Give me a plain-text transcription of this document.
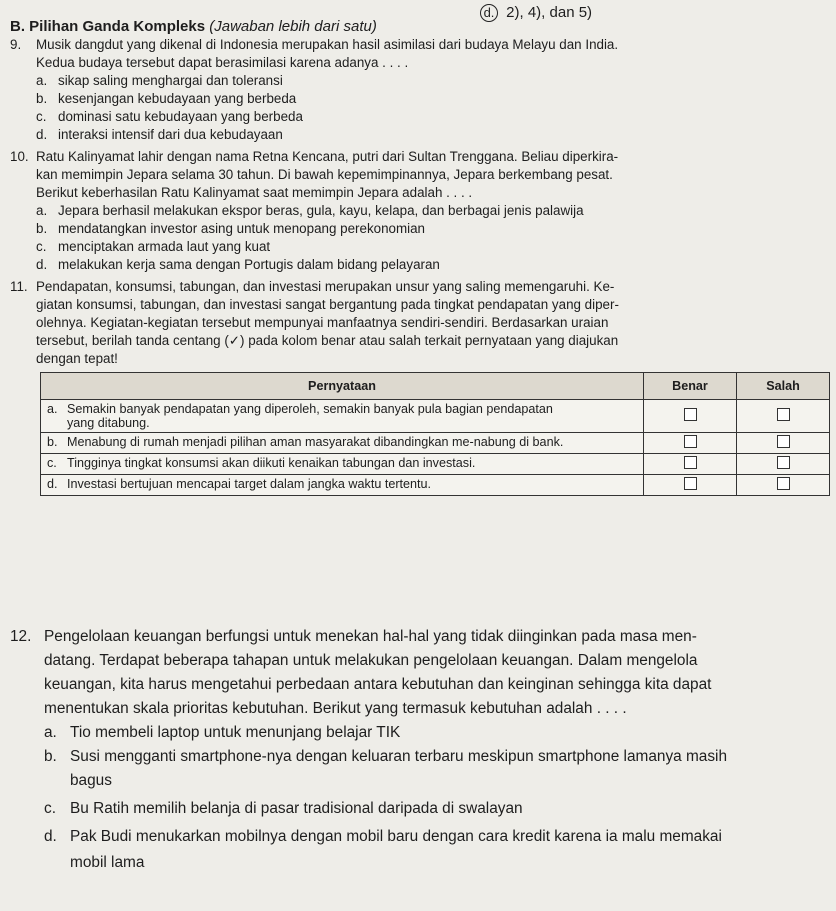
d. 2), 4), dan 5)
B. Pilihan Ganda Kompleks (Jawaban lebih dari satu)
9. Musik dangdut yang dikenal di Indonesia merupakan hasil asimilasi dari budaya Melayu dan India.
Kedua budaya tersebut dapat berasimilasi karena adanya . . . .
a. sikap saling menghargai dan toleransi
b. kesenjangan kebudayaan yang berbeda
c. dominasi satu kebudayaan yang berbeda
d. interaksi intensif dari dua kebudayaan
10. Ratu Kalinyamat lahir dengan nama Retna Kencana, putri dari Sultan Trenggana. Beliau diperkira-
kan memimpin Jepara selama 30 tahun. Di bawah kepemimpinannya, Jepara berkembang pesat.
Berikut keberhasilan Ratu Kalinyamat saat memimpin Jepara adalah . . . .
a. Jepara berhasil melakukan ekspor beras, gula, kayu, kelapa, dan berbagai jenis palawija
b. mendatangkan investor asing untuk menopang perekonomian
c. menciptakan armada laut yang kuat
d. melakukan kerja sama dengan Portugis dalam bidang pelayaran
11. Pendapatan, konsumsi, tabungan, dan investasi merupakan unsur yang saling memengaruhi. Ke-
giatan konsumsi, tabungan, dan investasi sangat bergantung pada tingkat pendapatan yang diper-
olehnya. Kegiatan-kegiatan tersebut mempunyai manfaatnya sendiri-sendiri. Berdasarkan uraian
tersebut, berilah tanda centang (✓) pada kolom benar atau salah terkait pernyataan yang diajukan
dengan tepat!
Pernyataan	Benar	Salah
a. Semakin banyak pendapatan yang diperoleh, semakin banyak pula bagian pendapatan yang ditabung.		
b. Menabung di rumah menjadi pilihan aman masyarakat dibandingkan me-nabung di bank.		
c. Tingginya tingkat konsumsi akan diikuti kenaikan tabungan dan investasi.		
d. Investasi bertujuan mencapai target dalam jangka waktu tertentu.		
12. Pengelolaan keuangan berfungsi untuk menekan hal-hal yang tidak diinginkan pada masa men-
datang. Terdapat beberapa tahapan untuk melakukan pengelolaan keuangan. Dalam mengelola
keuangan, kita harus mengetahui perbedaan antara kebutuhan dan keinginan sehingga kita dapat
menentukan skala prioritas kebutuhan. Berikut yang termasuk kebutuhan adalah . . . .
a. Tio membeli laptop untuk menunjang belajar TIK
b. Susi mengganti smartphone-nya dengan keluaran terbaru meskipun smartphone lamanya masih
bagus
c. Bu Ratih memilih belanja di pasar tradisional daripada di swalayan
d. Pak Budi menukarkan mobilnya dengan mobil baru dengan cara kredit karena ia malu memakai
mobil lama
